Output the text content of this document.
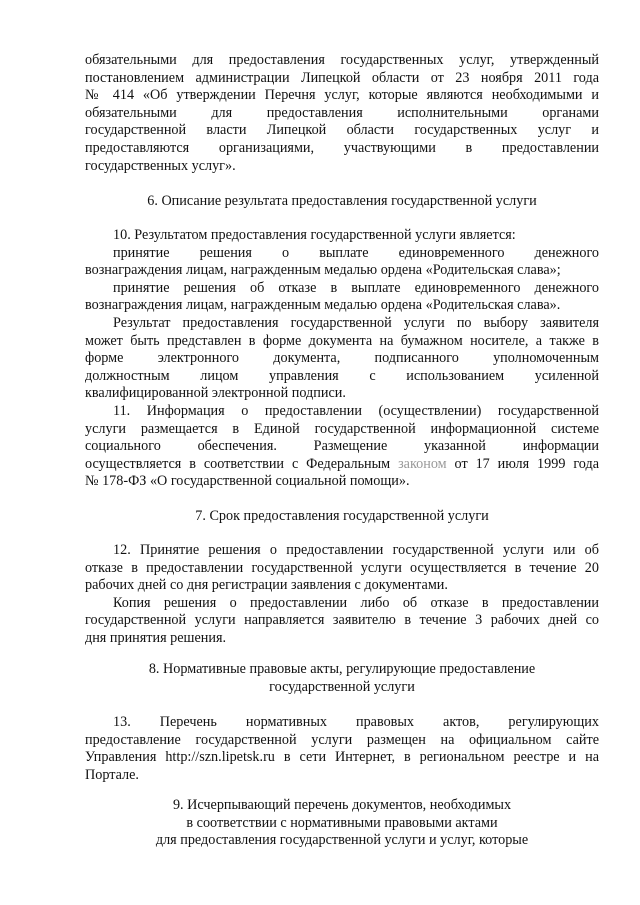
обязательными для предоставления государственных услуг, утвержденный

постановлением администрации Липецкой области от 23 ноября 2011 года

№ 414 «Об утверждении Перечня услуг, которые являются необходимыми и

обязательными для предоставления исполнительными органами

государственной власти Липецкой области государственных услуг и

предоставляются организациями, участвующими в предоставлении

государственных услуг».

6. Описание результата предоставления государственной услуги

10. Результатом предоставления государственной услуги является:

принятие решения о выплате единовременного денежного

вознаграждения лицам, награжденным медалью ордена «Родительская слава»;

принятие решения об отказе в выплате единовременного денежного

вознаграждения лицам, награжденным медалью ордена «Родительская слава».

Результат предоставления государственной услуги по выбору заявителя

может быть представлен в форме документа на бумажном носителе, а также в

форме электронного документа, подписанного уполномоченным

должностным лицом управления с использованием усиленной

квалифицированной электронной подписи.

11. Информация о предоставлении (осуществлении) государственной

услуги размещается в Единой государственной информационной системе

социального обеспечения. Размещение указанной информации

осуществляется в соответствии с Федеральным законом от 17 июля 1999 года

№ 178-ФЗ «О государственной социальной помощи».

7. Срок предоставления государственной услуги

12. Принятие решения о предоставлении государственной услуги или об

отказе в предоставлении государственной услуги осуществляется в течение 20

рабочих дней со дня регистрации заявления с документами.

Копия решения о предоставлении либо об отказе в предоставлении

государственной услуги направляется заявителю в течение 3 рабочих дней со

дня принятия решения.

8. Нормативные правовые акты, регулирующие предоставление
государственной услуги

13. Перечень нормативных правовых актов, регулирующих

предоставление государственной услуги размещен на официальном сайте

Управления http://szn.lipetsk.ru в сети Интернет, в региональном реестре и на

Портале.

9. Исчерпывающий перечень документов, необходимых
в соответствии с нормативными правовыми актами
для предоставления государственной услуги и услуг, которые
